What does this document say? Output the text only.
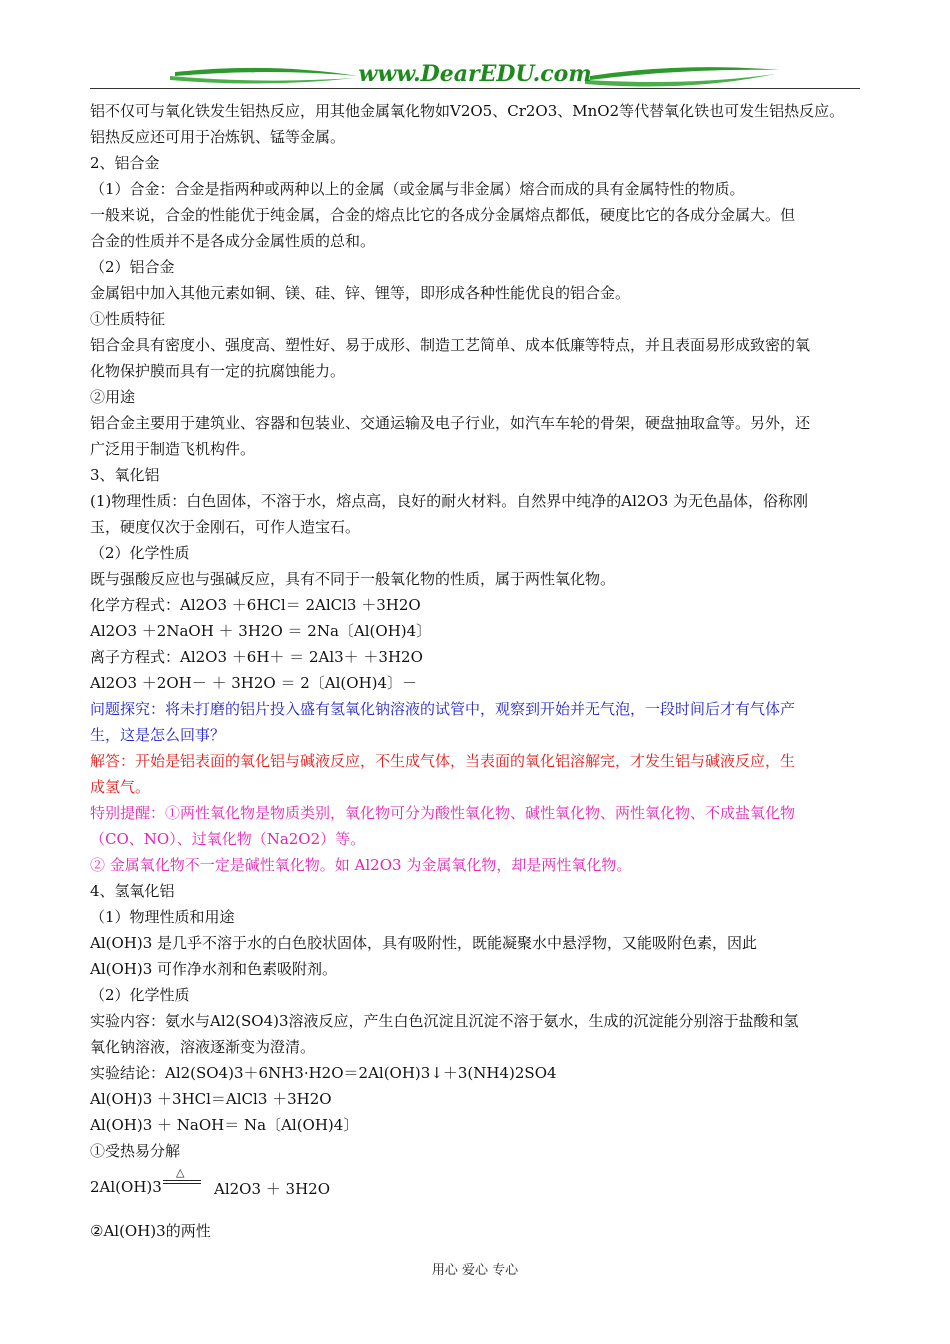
www.DearEDU.com
铝不仅可与氧化铁发生铝热反应，用其他金属氧化物如V2O5、Cr2O3、MnO2等代替氧化铁也可发生铝热反应。
铝热反应还可用于冶炼钒、锰等金属。
2、铝合金
（1）合金：合金是指两种或两种以上的金属（或金属与非金属）熔合而成的具有金属特性的物质。
一般来说，合金的性能优于纯金属，合金的熔点比它的各成分金属熔点都低，硬度比它的各成分金属大。但
合金的性质并不是各成分金属性质的总和。
（2）铝合金
金属铝中加入其他元素如铜、镁、硅、锌、锂等，即形成各种性能优良的铝合金。
①性质特征
铝合金具有密度小、强度高、塑性好、易于成形、制造工艺简单、成本低廉等特点，并且表面易形成致密的氧
化物保护膜而具有一定的抗腐蚀能力。
②用途
铝合金主要用于建筑业、容器和包装业、交通运输及电子行业，如汽车车轮的骨架，硬盘抽取盒等。另外，还
广泛用于制造飞机构件。
3、氧化铝
(1)物理性质：白色固体，不溶于水，熔点高，良好的耐火材料。自然界中纯净的Al2O3 为无色晶体，俗称刚
玉，硬度仅次于金刚石，可作人造宝石。
（2）化学性质
既与强酸反应也与强碱反应，具有不同于一般氧化物的性质，属于两性氧化物。
化学方程式：Al2O3 ＋6HCl＝ 2AlCl3 ＋3H2O
Al2O3 ＋2NaOH ＋ 3H2O ＝ 2Na〔Al(OH)4〕
离子方程式：Al2O3 ＋6H＋ ＝ 2Al3＋ ＋3H2O
Al2O3 ＋2OH－ ＋ 3H2O ＝ 2〔Al(OH)4〕－
问题探究：将未打磨的铝片投入盛有氢氧化钠溶液的试管中，观察到开始并无气泡，一段时间后才有气体产
生，这是怎么回事？
解答：开始是铝表面的氧化铝与碱液反应，不生成气体，当表面的氧化铝溶解完，才发生铝与碱液反应，生
成氢气。
特别提醒：①两性氧化物是物质类别，氧化物可分为酸性氧化物、碱性氧化物、两性氧化物、不成盐氧化物
（CO、NO）、过氧化物（Na2O2）等。
② 金属氧化物不一定是碱性氧化物。如 Al2O3 为金属氧化物，却是两性氧化物。
4、氢氧化铝
（1）物理性质和用途
Al(OH)3 是几乎不溶于水的白色胶状固体，具有吸附性，既能凝聚水中悬浮物，又能吸附色素，因此
Al(OH)3 可作净水剂和色素吸附剂。
（2）化学性质
实验内容：氨水与Al2(SO4)3溶液反应，产生白色沉淀且沉淀不溶于氨水，生成的沉淀能分别溶于盐酸和氢
氧化钠溶液，溶液逐渐变为澄清。
实验结论：Al2(SO4)3＋6NH3·H2O＝2Al(OH)3↓＋3(NH4)2SO4
Al(OH)3 ＋3HCl＝AlCl3 ＋3H2O
Al(OH)3 ＋ NaOH＝ Na〔Al(OH)4〕
①受热易分解
2Al(OH)3
△
Al2O3 ＋ 3H2O
②Al(OH)3的两性
用心 爱心 专心
